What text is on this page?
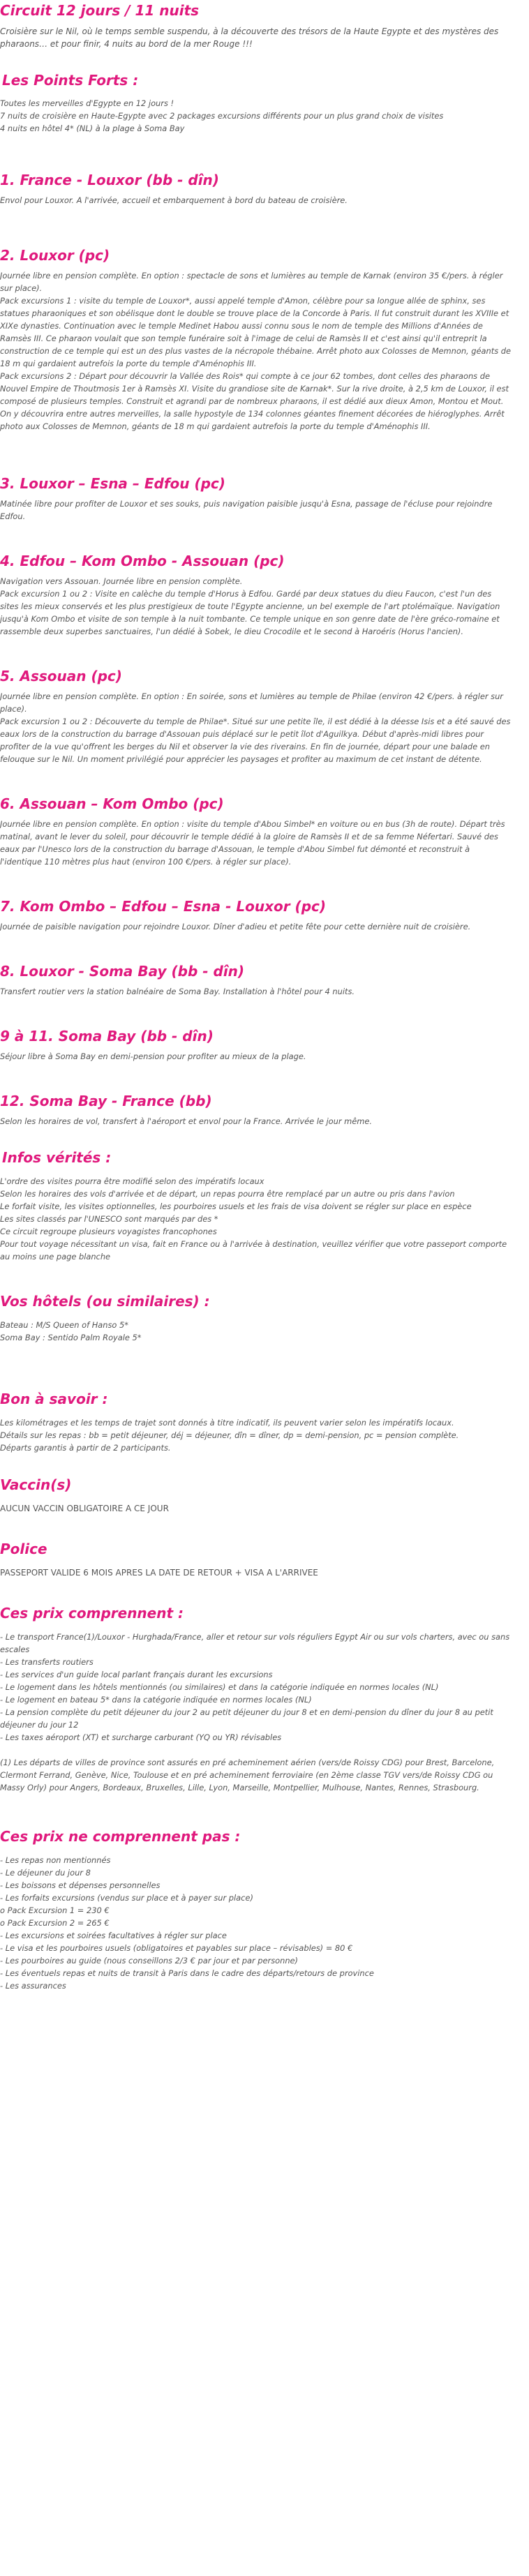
Circuit 12 jours / 11 nuits

Croisière sur le Nil, où le temps semble suspendu, à la découverte des trésors de la Haute Egypte et des mystères des pharaons… et pour finir, 4 nuits au bord de la mer Rouge !!!

Les Points Forts :
Toutes les merveilles d'Egypte en 12 jours !
7 nuits de croisière en Haute-Egypte avec 2 packages excursions différents pour un plus grand choix de visites
4 nuits en hôtel 4* (NL) à la plage à Soma Bay
1. France - Louxor (bb - dîn)

Envol pour Louxor. A l'arrivée, accueil et embarquement à bord du bateau de croisière.

2. Louxor (pc)

Journée libre en pension complète. En option : spectacle de sons et lumières au temple de Karnak (environ 35 €/pers. à régler sur place).
Pack excursions 1 : visite du temple de Louxor*, aussi appelé temple d'Amon, célèbre pour sa longue allée de sphinx, ses statues pharaoniques et son obélisque dont le double se trouve place de la Concorde à Paris. Il fut construit durant les XVIIIe et XIXe dynasties. Continuation avec le temple Medinet Habou aussi connu sous le nom de temple des Millions d'Années de Ramsès III. Ce pharaon voulait que son temple funéraire soit à l'image de celui de Ramsès II et c'est ainsi qu'il entreprit la construction de ce temple qui est un des plus vastes de la nécropole thébaine. Arrêt photo aux Colosses de Memnon, géants de 18 m qui gardaient autrefois la porte du temple d'Aménophis III.
Pack excursions 2 : Départ pour découvrir la Vallée des Rois* qui compte à ce jour 62 tombes, dont celles des pharaons de Nouvel Empire de Thoutmosis 1er à Ramsès XI. Visite du grandiose site de Karnak*. Sur la rive droite, à 2,5 km de Louxor, il est composé de plusieurs temples. Construit et agrandi par de nombreux pharaons, il est dédié aux dieux Amon, Montou et Mout. On y découvrira entre autres merveilles, la salle hypostyle de 134 colonnes géantes finement décorées de hiéroglyphes. Arrêt photo aux Colosses de Memnon, géants de 18 m qui gardaient autrefois la porte du temple d'Aménophis III.

3. Louxor – Esna – Edfou (pc)

Matinée libre pour profiter de Louxor et ses souks, puis navigation paisible jusqu'à Esna, passage de l'écluse pour rejoindre Edfou.

4. Edfou – Kom Ombo - Assouan (pc)

Navigation vers Assouan. Journée libre en pension complète.
Pack excursion 1 ou 2 : Visite en calèche du temple d'Horus à Edfou. Gardé par deux statues du dieu Faucon, c'est l'un des sites les mieux conservés et les plus prestigieux de toute l'Egypte ancienne, un bel exemple de l'art ptolémaïque. Navigation jusqu'à Kom Ombo et visite de son temple à la nuit tombante. Ce temple unique en son genre date de l'ère gréco-romaine et rassemble deux superbes sanctuaires, l'un dédié à Sobek, le dieu Crocodile et le second à Haroéris (Horus l'ancien).

5. Assouan (pc)

Journée libre en pension complète. En option : En soirée, sons et lumières au temple de Philae (environ 42 €/pers. à régler sur place).
Pack excursion 1 ou 2 : Découverte du temple de Philae*. Situé sur une petite île, il est dédié à la déesse Isis et a été sauvé des eaux lors de la construction du barrage d'Assouan puis déplacé sur le petit îlot d'Aguilkya. Début d'après-midi libres pour profiter de la vue qu'offrent les berges du Nil et observer la vie des riverains. En fin de journée, départ pour une balade en felouque sur le Nil. Un moment privilégié pour apprécier les paysages et profiter au maximum de cet instant de détente.

6. Assouan – Kom Ombo (pc)

Journée libre en pension complète. En option : visite du temple d'Abou Simbel* en voiture ou en bus (3h de route). Départ très matinal, avant le lever du soleil, pour découvrir le temple dédié à la gloire de Ramsès II et de sa femme Néfertari. Sauvé des eaux par l'Unesco lors de la construction du barrage d'Assouan, le temple d'Abou Simbel fut démonté et reconstruit à l'identique 110 mètres plus haut (environ 100 €/pers. à régler sur place).

7. Kom Ombo – Edfou – Esna - Louxor (pc)

Journée de paisible navigation pour rejoindre Louxor. Dîner d'adieu et petite fête pour cette dernière nuit de croisière.

8. Louxor - Soma Bay (bb - dîn)

Transfert routier vers la station balnéaire de Soma Bay. Installation à l'hôtel pour 4 nuits.

9 à 11. Soma Bay (bb - dîn)

Séjour libre à Soma Bay en demi-pension pour profiter au mieux de la plage.

12. Soma Bay - France (bb)

Selon les horaires de vol, transfert à l'aéroport et envol pour la France. Arrivée le jour même.

Infos vérités :
L'ordre des visites pourra être modifié selon des impératifs locaux
Selon les horaires des vols d'arrivée et de départ, un repas pourra être remplacé par un autre ou pris dans l'avion
Le forfait visite, les visites optionnelles, les pourboires usuels et les frais de visa doivent se régler sur place en espèce
Les sites classés par l'UNESCO sont marqués par des *
Ce circuit regroupe plusieurs voyagistes francophones
Pour tout voyage nécessitant un visa, fait en France ou à l'arrivée à destination, veuillez vérifier que votre passeport comporte au moins une page blanche
Vos hôtels (ou similaires) :
Bateau : M/S Queen of Hanso 5*
Soma Bay : Sentido Palm Royale 5*
Bon à savoir :
Les kilométrages et les temps de trajet sont donnés à titre indicatif, ils peuvent varier selon les impératifs locaux.
Détails sur les repas : bb = petit déjeuner, déj = déjeuner, dîn = dîner, dp = demi-pension, pc = pension complète.
Départs garantis à partir de 2 participants.
Vaccin(s)

AUCUN VACCIN OBLIGATOIRE A CE JOUR

Police

PASSEPORT VALIDE 6 MOIS APRES LA DATE DE RETOUR + VISA A L'ARRIVEE

Ces prix comprennent :
- Le transport France(1)/Louxor - Hurghada/France, aller et retour sur vols réguliers Egypt Air ou sur vols charters, avec ou sans escales
- Les transferts routiers
- Les services d'un guide local parlant français durant les excursions
- Le logement dans les hôtels mentionnés (ou similaires) et dans la catégorie indiquée en normes locales (NL)
- Le logement en bateau 5* dans la catégorie indiquée en normes locales (NL)
- La pension complète du petit déjeuner du jour 2 au petit déjeuner du jour 8 et en demi-pension du dîner du jour 8 au petit déjeuner du jour 12
- Les taxes aéroport (XT) et surcharge carburant (YQ ou YR) révisables

(1) Les départs de villes de province sont assurés en pré acheminement aérien (vers/de Roissy CDG) pour Brest, Barcelone, Clermont Ferrand, Genève, Nice, Toulouse et en pré acheminement ferroviaire (en 2ème classe TGV vers/de Roissy CDG ou Massy Orly) pour Angers, Bordeaux, Bruxelles, Lille, Lyon, Marseille, Montpellier, Mulhouse, Nantes, Rennes, Strasbourg.

Ces prix ne comprennent pas :
- Les repas non mentionnés
- Le déjeuner du jour 8
- Les boissons et dépenses personnelles
- Les forfaits excursions (vendus sur place et à payer sur place)
o Pack Excursion 1 = 230 €
o Pack Excursion 2 = 265 €
- Les excursions et soirées facultatives à régler sur place
- Le visa et les pourboires usuels (obligatoires et payables sur place – révisables) = 80 €
- Les pourboires au guide (nous conseillons 2/3 € par jour et par personne)
- Les éventuels repas et nuits de transit à Paris dans le cadre des départs/retours de province
- Les assurances
